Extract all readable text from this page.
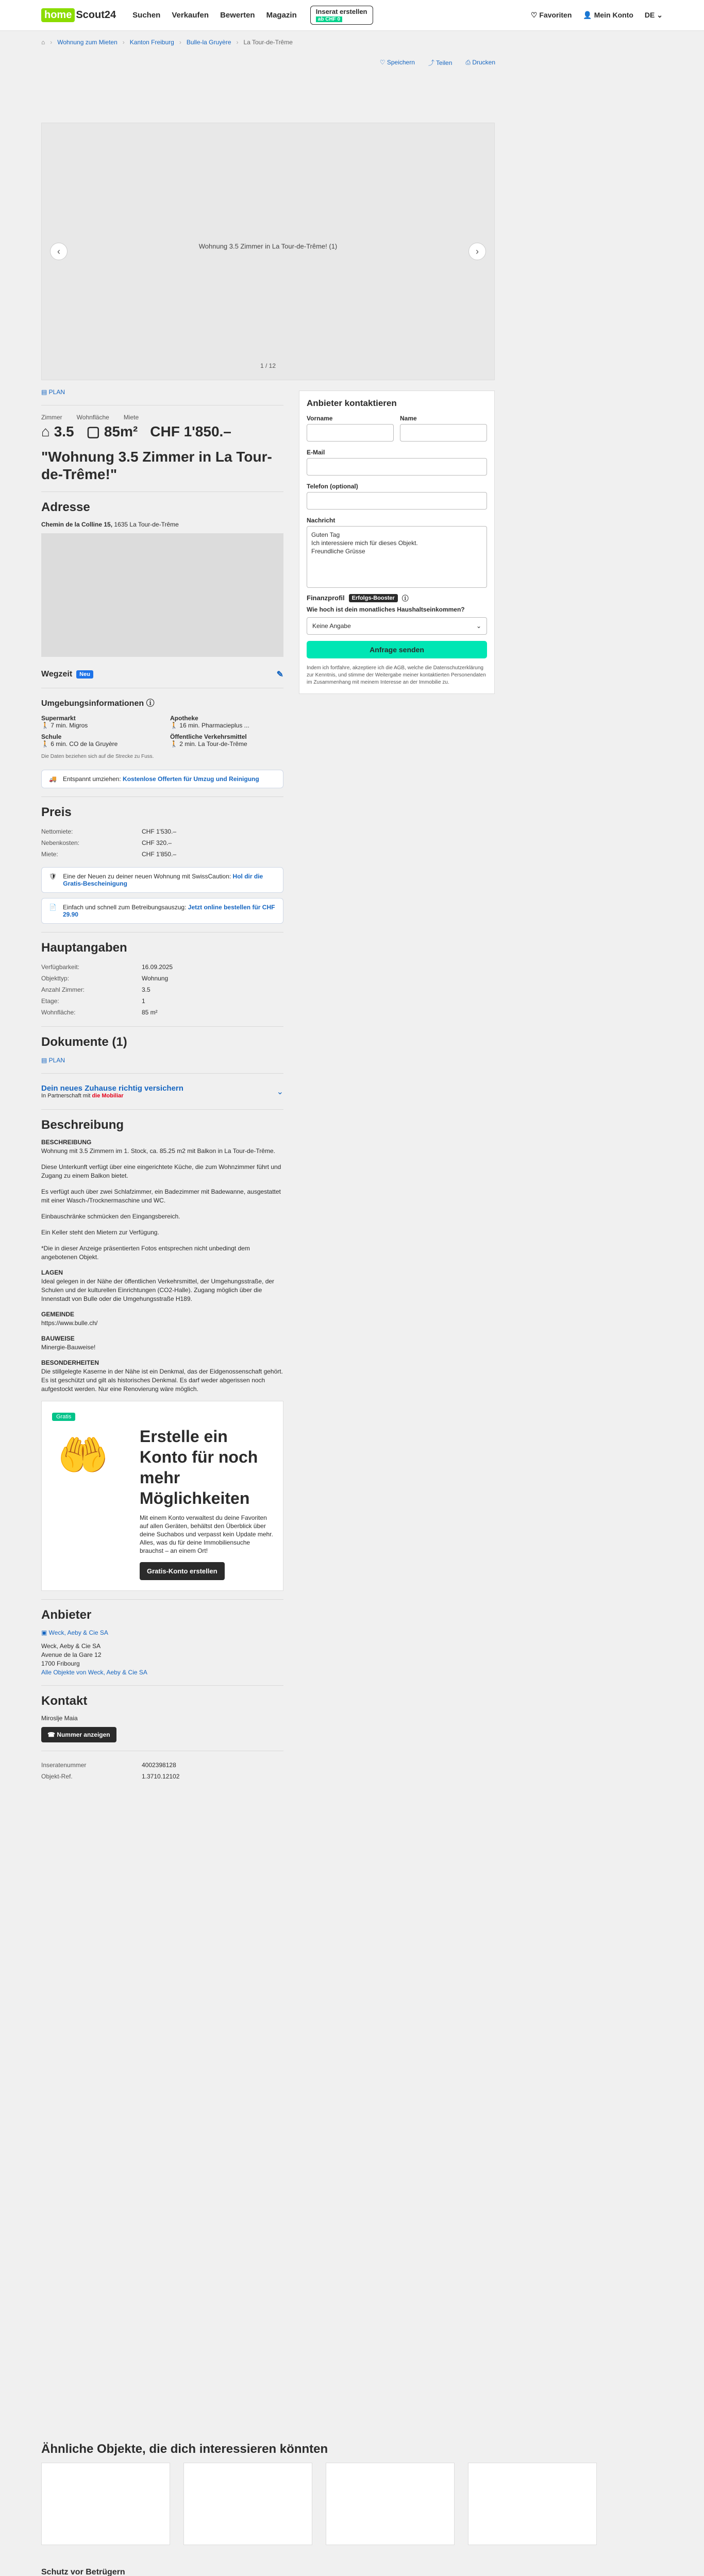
home Scout24 Suchen Verkaufen Bewerten Magazin	Inserat erstellen
ab CHF 0
♡ Favoriten 👤 Mein Konto DE ⌄
⌂ › Wohnung zum Mieten › Kanton Freiburg › Bulle-la Gruyère › La Tour-de-Trême
♡ Speichern ⤴ Teilen ⎙ Drucken
Wohnung 3.5 Zimmer in La Tour-de-Trême! (1)
‹	›
1 / 12
▤ PLAN
Zimmer Wohnfläche Miete
⌂ 3.5 ▢ 85m² CHF 1'850.–
"Wohnung 3.5 Zimmer in La Tour-de-Trême!"
Adresse
Chemin de la Colline 15, 1635 La Tour-de-Trême
Wegzeit	Neu	✎
Umgebungsinformationen ⓘ
Supermarkt
🚶 7 min. Migros
Apotheke
🚶 16 min. Pharmacieplus ...
Schule
🚶 6 min. CO de la Gruyère
Öffentliche Verkehrsmittel
🚶 2 min. La Tour-de-Trême
Die Daten beziehen sich auf die Strecke zu Fuss.
🚚 Entspannt umziehen: Kostenlose Offerten für Umzug und Reinigung
Preis
Nettomiete:	CHF 1'530.–
Nebenkosten:	CHF 320.–
Miete:	CHF 1'850.–
🛡 Eine der Neuen zu deiner neuen Wohnung mit SwissCaution: Hol dir die Gratis-Bescheinigung
📄 Einfach und schnell zum Betreibungsauszug: Jetzt online bestellen für CHF 29.90
Hauptangaben
Verfügbarkeit:	16.09.2025
Objekttyp:	Wohnung
Anzahl Zimmer:	3.5
Etage:	1
Wohnfläche:	85 m²
Dokumente (1)
▤ PLAN
Dein neues Zuhause richtig versichern
In Partnerschaft mit die Mobiliar	⌄
Beschreibung
BESCHREIBUNG

Wohnung mit 3.5 Zimmern im 1. Stock, ca. 85.25 m2 mit Balkon in La Tour-de-Trême.

Diese Unterkunft verfügt über eine eingerichtete Küche, die zum Wohnzimmer führt und Zugang zu einem Balkon bietet.

Es verfügt auch über zwei Schlafzimmer, ein Badezimmer mit Badewanne, ausgestattet mit einer Wasch-/Trocknermaschine und WC.

Einbauschränke schmücken den Eingangsbereich.

Ein Keller steht den Mietern zur Verfügung.

*Die in dieser Anzeige präsentierten Fotos entsprechen nicht unbedingt dem angebotenen Objekt.

LAGEN

Ideal gelegen in der Nähe der öffentlichen Verkehrsmittel, der Umgehungsstraße, der Schulen und der kulturellen Einrichtungen (CO2-Halle). Zugang möglich über die Innenstadt von Bulle oder die Umgehungsstraße H189.

GEMEINDE

https://www.bulle.ch/

BAUWEISE

Minergie-Bauweise!

BESONDERHEITEN

Die stillgelegte Kaserne in der Nähe ist ein Denkmal, das der Eidgenossenschaft gehört. Es ist geschützt und gilt als historisches Denkmal. Es darf weder abgerissen noch aufgestockt werden. Nur eine Renovierung wäre möglich.

Gratis
Erstelle ein Konto für noch mehr Möglichkeiten
🤲
Mit einem Konto verwaltest du deine Favoriten auf allen Geräten, behältst den Überblick über deine Suchabos und verpasst kein Update mehr. Alles, was du für deine Immobiliensuche brauchst – an einem Ort!
Gratis-Konto erstellen
Anbieter
▣ Weck, Aeby & Cie SA
Weck, Aeby & Cie SA
Avenue de la Gare 12
1700 Fribourg
Alle Objekte von Weck, Aeby & Cie SA
Kontakt
Miroslje Maia
☎ Nummer anzeigen
Inseratenummer	4002398128
Objekt-Ref.	1.3710.12102
Anbieter kontaktieren
Vorname	Name
E-Mail
Telefon (optional)
Nachricht
Guten Tag
Ich interessiere mich für dieses Objekt.
Freundliche Grüsse
Finanzprofil	Erfolgs-Booster	ⓘ
Wie hoch ist dein monatliches Haushaltseinkommen?
Keine Angabe	⌄
Anfrage senden
Indem ich fortfahre, akzeptiere ich die AGB, welche die Datenschutzerklärung zur Kenntnis, und stimme der Weitergabe meiner kontaktierten Personendaten im Zusammenhang mit meinem Interesse an der Immobilie zu.
Ähnliche Objekte, die dich interessieren könnten
Schutz vor Betrügern
